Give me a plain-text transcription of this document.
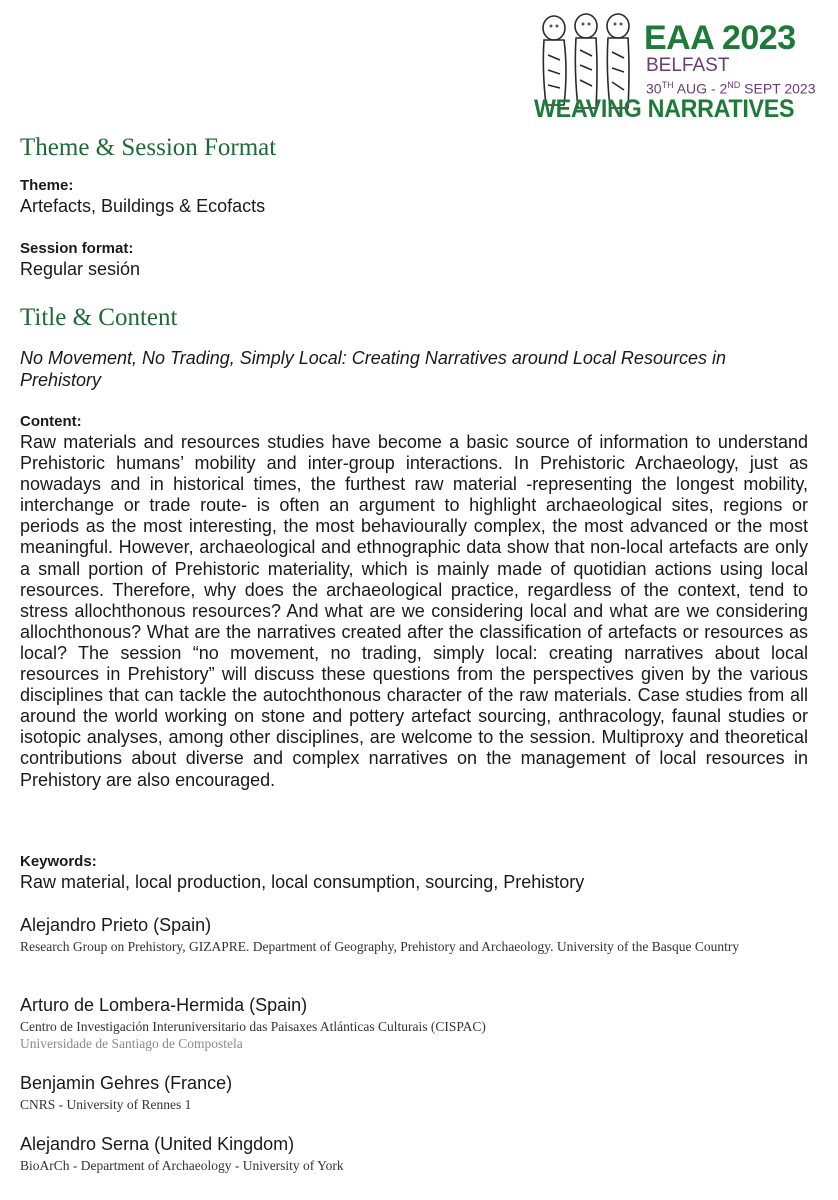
EAA 2023
BELFAST
30TH AUG - 2ND SEPT 2023
WEAVING NARRATIVES
Theme & Session Format
Theme:
Artefacts, Buildings & Ecofacts
Session format:
Regular sesión
Title & Content
No Movement, No Trading, Simply Local: Creating Narratives around Local Resources in Prehistory
Content:
Raw materials and resources studies have become a basic source of information to understand Prehistoric humans’ mobility and inter-group interactions. In Prehistoric Archaeology, just as nowadays and in historical times, the furthest raw material -representing the longest mobility, interchange or trade route- is often an argument to highlight archaeological sites, regions or periods as the most interesting, the most behaviourally complex, the most advanced or the most meaningful. However, archaeological and ethnographic data show that non-local artefacts are only a small portion of Prehistoric materiality, which is mainly made of quotidian actions using local resources. Therefore, why does the archaeological practice, regardless of the context, tend to stress allochthonous resources? And what are we considering local and what are we considering allochthonous? What are the narratives created after the classification of artefacts or resources as local? The session “no movement, no trading, simply local: creating narratives about local resources in Prehistory” will discuss these questions from the perspectives given by the various disciplines that can tackle the autochthonous character of the raw materials. Case studies from all around the world working on stone and pottery artefact sourcing, anthracology, faunal studies or isotopic analyses, among other disciplines, are welcome to the session. Multiproxy and theoretical contributions about diverse and complex narratives on the management of local resources in Prehistory are also encouraged.
Keywords:
Raw material, local production, local consumption, sourcing, Prehistory
Alejandro Prieto (Spain)
Research Group on Prehistory, GIZAPRE. Department of Geography, Prehistory and Archaeology. University of the Basque Country
Arturo de Lombera-Hermida (Spain)
Centro de Investigación Interuniversitario das Paisaxes Atlánticas Culturais (CISPAC)
Universidade de Santiago de Compostela
Benjamin Gehres (France)
CNRS - University of Rennes 1
Alejandro Serna (United Kingdom)
BioArCh - Department of Archaeology - University of York
